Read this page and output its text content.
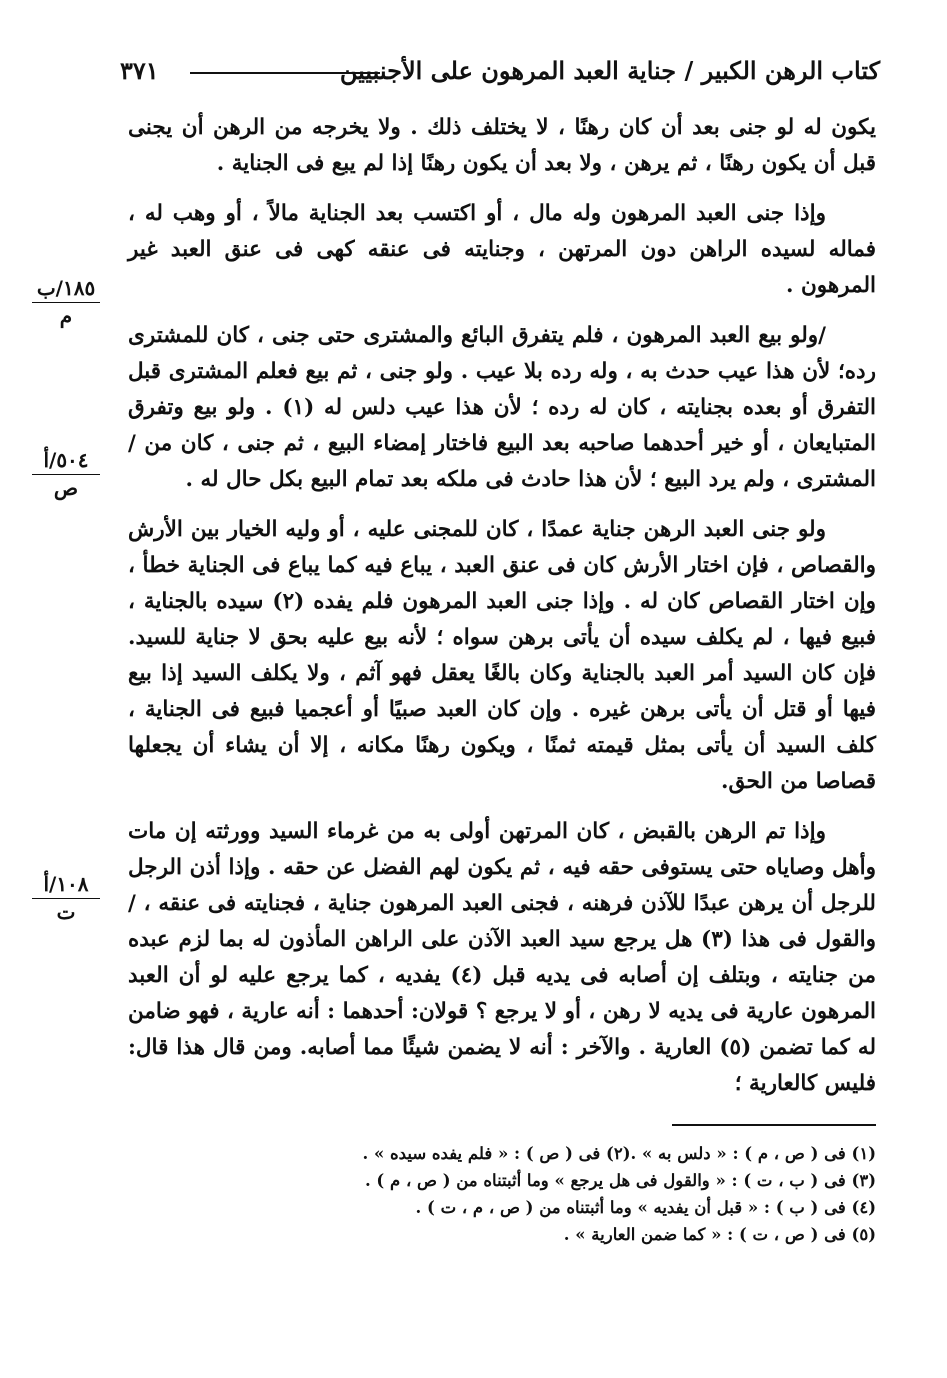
كتاب الرهن الكبير / جناية العبد المرهون على الأجنبيين
٣٧١
١٨٥/ب
م
٥٠٤/أ
ص
١٠٨/أ
ت

يكون له لو جنى بعد أن كان رهنًا ، لا يختلف ذلك . ولا يخرجه من الرهن أن يجنى قبل أن يكون رهنًا ، ثم يرهن ، ولا بعد أن يكون رهنًا إذا لم يبع فى الجناية .

وإذا جنى العبد المرهون وله مال ، أو اكتسب بعد الجناية مالاً ، أو وهب له ، فماله لسيده الراهن دون المرتهن ، وجنايته فى عنقه كهى فى عنق العبد غير المرهون .

/ولو بيع العبد المرهون ، فلم يتفرق البائع والمشترى حتى جنى ، كان للمشترى رده؛ لأن هذا عيب حدث به ، وله رده بلا عيب . ولو جنى ، ثم بيع فعلم المشترى قبل التفرق أو بعده بجنايته ، كان له رده ؛ لأن هذا عيب دلس له (١) . ولو بيع وتفرق المتبايعان ، أو خير أحدهما صاحبه بعد البيع فاختار إمضاء البيع ، ثم جنى ، كان من / المشترى ، ولم يرد البيع ؛ لأن هذا حادث فى ملكه بعد تمام البيع بكل حال له .

ولو جنى العبد الرهن جناية عمدًا ، كان للمجنى عليه ، أو وليه الخيار بين الأرش والقصاص ، فإن اختار الأرش كان فى عنق العبد ، يباع فيه كما يباع فى الجناية خطأ ، وإن اختار القصاص كان له . وإذا جنى العبد المرهون فلم يفده (٢) سيده بالجناية ، فبيع فيها ، لم يكلف سيده أن يأتى برهن سواه ؛ لأنه بيع عليه بحق لا جناية للسيد. فإن كان السيد أمر العبد بالجناية وكان بالغًا يعقل فهو آثم ، ولا يكلف السيد إذا بيع فيها أو قتل أن يأتى برهن غيره . وإن كان العبد صبيًا أو أعجميا فبيع فى الجناية ، كلف السيد أن يأتى بمثل قيمته ثمنًا ، ويكون رهنًا مكانه ، إلا أن يشاء أن يجعلها قصاصا من الحق.

وإذا تم الرهن بالقبض ، كان المرتهن أولى به من غرماء السيد وورثته إن مات وأهل وصاياه حتى يستوفى حقه فيه ، ثم يكون لهم الفضل عن حقه . وإذا أذن الرجل للرجل أن يرهن عبدًا للآذن فرهنه ، فجنى العبد المرهون جناية ، فجنايته فى عنقه ، / والقول فى هذا (٣) هل يرجع سيد العبد الآذن على الراهن المأذون له بما لزم عبده من جنايته ، وبتلف إن أصابه فى يديه قبل (٤) يفديه ، كما يرجع عليه لو أن العبد المرهون عارية فى يديه لا رهن ، أو لا يرجع ؟ قولان: أحدهما : أنه عارية ، فهو ضامن له كما تضمن (٥) العارية . والآخر : أنه لا يضمن شيئًا مما أصابه. ومن قال هذا قال: فليس كالعارية ؛

(١) فى ( ص ، م ) : « دلس به » .(٢) فى ( ص ) : « فلم يفده سيده » .
(٣) فى ( ب ، ت ) : « والقول فى هل يرجع » وما أثبتناه من ( ص ، م ) .
(٤) فى ( ب ) : « قبل أن يفديه » وما أثبتناه من ( ص ، م ، ت ) .
(٥) فى ( ص ، ت ) : « كما ضمن العارية » .
